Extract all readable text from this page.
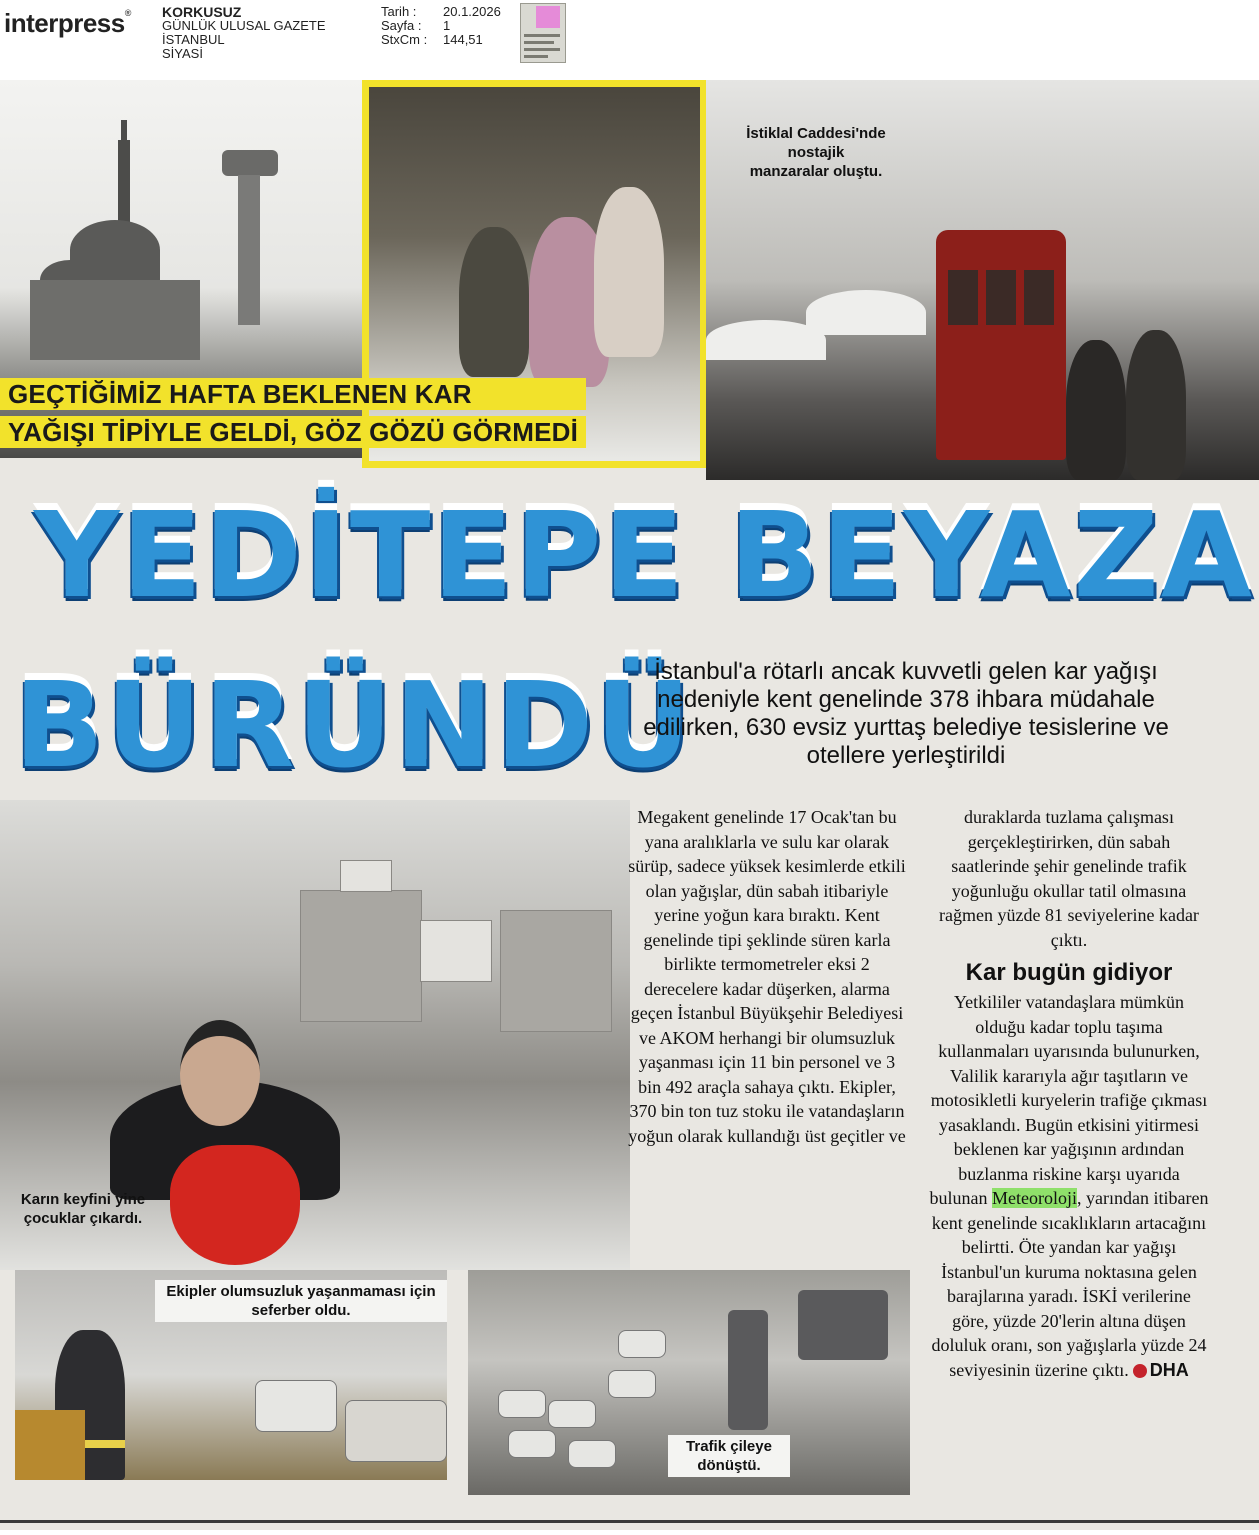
interpress® KORKUSUZ
GÜNLÜK ULUSAL GAZETE
İSTANBUL
SİYASİ
Tarih :	20.1.2026
Sayfa :	1
StxCm :	144,51
İstiklal Caddesi'nde nostajik manzaralar oluştu.
GEÇTİĞİMİZ HAFTA BEKLENEN KAR
YAĞIŞI TİPİYLE GELDİ, GÖZ GÖZÜ GÖRMEDİ
Karın keyfini yine çocuklar çıkardı.
YEDİTEPE BEYAZA
BÜRÜNDÜ
İstanbul'a rötarlı ancak kuvvetli gelen kar yağışı nedeniyle kent genelinde 378 ihbara müdahale edilirken, 630 evsiz yurttaş belediye tesislerine ve otellere yerleştirildi
Megakent genelinde 17 Ocak'tan bu yana aralıklarla ve sulu kar olarak sürüp, sadece yüksek kesimlerde etkili olan yağışlar, dün sabah itibariyle yerine yoğun kara bıraktı. Kent genelinde tipi şeklinde süren karla birlikte termometreler eksi 2 derecelere kadar düşerken, alarma geçen İstanbul Büyükşehir Belediyesi ve AKOM herhangi bir olumsuzluk yaşanması için 11 bin personel ve 3 bin 492 araçla sahaya çıktı. Ekipler, 370 bin ton tuz stoku ile vatandaşların yoğun olarak kullandığı üst geçitler ve
duraklarda tuzlama çalışması gerçekleştirirken, dün sabah saatlerinde şehir genelinde trafik yoğunluğu okullar tatil olmasına rağmen yüzde 81 seviyelerine kadar çıktı.
Kar bugün gidiyor
Yetkililer vatandaşlara mümkün olduğu kadar toplu taşıma kullanmaları uyarısında bulunurken, Valilik kararıyla ağır taşıtların ve motosikletli kuryelerin trafiğe çıkması yasaklandı. Bugün etkisini yitirmesi beklenen kar yağışının ardından buzlanma riskine karşı uyarıda bulunan Meteoroloji, yarından itibaren kent genelinde sıcaklıkların artacağını belirtti. Öte yandan kar yağışı İstanbul'un kuruma noktasına gelen barajlarına yaradı. İSKİ verilerine göre, yüzde 20'lerin altına düşen doluluk oranı, son yağışlarla yüzde 24 seviyesinin üzerine çıktı. DHA
Ekipler olumsuzluk yaşanmaması için seferber oldu.
Trafik çileye dönüştü.
